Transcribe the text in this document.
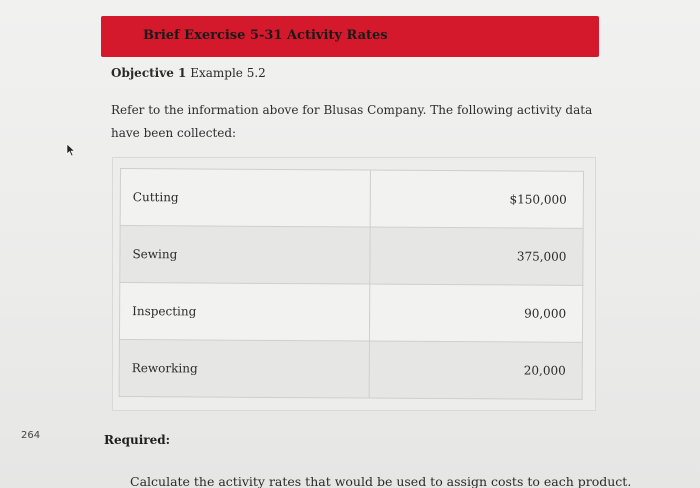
Brief Exercise 5-31 Activity Rates
Objective 1 Example 5.2
Refer to the information above for Blusas Company. The following activity data have been collected:
Cutting	$150,000
Sewing	375,000
Inspecting	90,000
Reworking	20,000
264	Required:
Calculate the activity rates that would be used to assign costs to each product.
